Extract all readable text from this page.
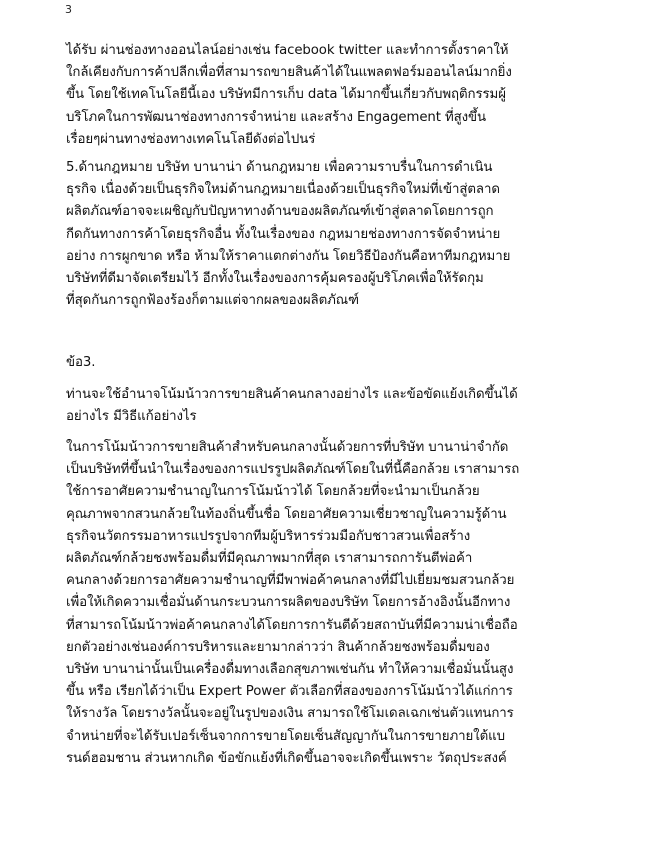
3
ได้รับ ผ่านช่องทางออนไลน์อย่างเช่น facebook twitter และทำการตั้งราคาให้
ใกล้เคียงกับการค้าปลีกเพื่อที่สามารถขายสินค้าได้ในแพลตฟอร์มออนไลน์มากยิ่ง
ขึ้น โดยใช้เทคโนโลยีนี้เอง บริษัทมีการเก็บ data ได้มากขึ้นเกี่ยวกับพฤติกรรมผู้
บริโภคในการพัฒนาช่องทางการจำหน่าย และสร้าง Engagement ที่สูงขึ้น
เรื่อยๆผ่านทางช่องทางเทคโนโลยีดังต่อไปนร่
5.ด้านกฎหมาย บริษัท บานาน่า ด้านกฎหมาย เพื่อความราบรื่นในการดำเนิน
ธุรกิจ เนื่องด้วยเป็นธุรกิจใหม่ด้านกฎหมายเนื่องด้วยเป็นธุรกิจใหม่ที่เข้าสู่ตลาด
ผลิตภัณฑ์อาจจะเผชิญกับปัญหาทางด้านของผลิตภัณฑ์เข้าสู่ตลาดโดยการถูก
กีดกันทางการค้าโดยธุรกิจอื่น ทั้งในเรื่องของ กฎหมายช่องทางการจัดจำหน่าย
อย่าง การผูกขาด หรือ ห้ามให้ราคาแตกต่างกัน โดยวิธีป้องกันคือหาทีมกฎหมาย
บริษัทที่ดีมาจัดเตรียมไว้ อีกทั้งในเรื่องของการคุ้มครองผู้บริโภคเพื่อให้รัดกุม
ที่สุดกันการถูกฟ้องร้องก็ตามแต่จากผลของผลิตภัณฑ์
ข้อ3.
ท่านจะใช้อำนาจโน้มน้าวการขายสินค้าคนกลางอย่างไร และข้อขัดแย้งเกิดขึ้นได้
อย่างไร มีวิธีแก้อย่างไร
ในการโน้มน้าวการขายสินค้าสำหรับคนกลางนั้นด้วยการที่บริษัท บานาน่าจำกัด
เป็นบริษัทที่ขึ้นนำในเรื่องของการแปรรูปผลิตภัณฑ์โดยในที่นี้คือกล้วย เราสามารถ
ใช้การอาศัยความชำนาญในการโน้มน้าวได้ โดยกล้วยที่จะนำมาเป็นกล้วย
คุณภาพจากสวนกล้วยในท้องถิ่นขึ้นชื่อ โดยอาศัยความเชี่ยวชาญในความรู้ด้าน
ธุรกิจนวัตกรรมอาหารแปรรูปจากทีมผู้บริหารร่วมมือกับชาวสวนเพื่อสร้าง
ผลิตภัณฑ์กล้วยชงพร้อมดื่มที่มีคุณภาพมากที่สุด เราสามารถการันตีพ่อค้า
คนกลางด้วยการอาศัยความชำนาญที่มีพาพ่อค้าคนกลางที่มีไปเยี่ยมชมสวนกล้วย
เพื่อให้เกิดความเชื่อมั่นด้านกระบวนการผลิตของบริษัท โดยการอ้างอิงนั้นอีกทาง
ที่สามารถโน้มน้าวพ่อค้าคนกลางได้โดยการการันตีด้วยสถาบันที่มีความน่าเชื่อถือ
ยกตัวอย่างเช่นองค์การบริหารและยามากล่าวว่า สินค้ากล้วยชงพร้อมดื่มของ
บริษัท บานาน่านั้นเป็นเครื่องดื่มทางเลือกสุขภาพเช่นกัน ทำให้ความเชื่อมั่นนั้นสูง
ขึ้น หรือ เรียกได้ว่าเป็น Expert Power ตัวเลือกที่สองของการโน้มน้าวได้แก่การ
ให้รางวัล โดยรางวัลนั้นจะอยู่ในรูปของเงิน สามารถใช้โมเดลเฉกเช่นตัวแทนการ
จำหน่ายที่จะได้รับเปอร์เซ็นจากการขายโดยเซ็นสัญญากันในการขายภายใต้แบ
รนด์ฮอมชาน ส่วนหากเกิด ข้อขักแย้งที่เกิดขึ้นอาจจะเกิดขึ้นเพราะ วัตถุประสงค์
